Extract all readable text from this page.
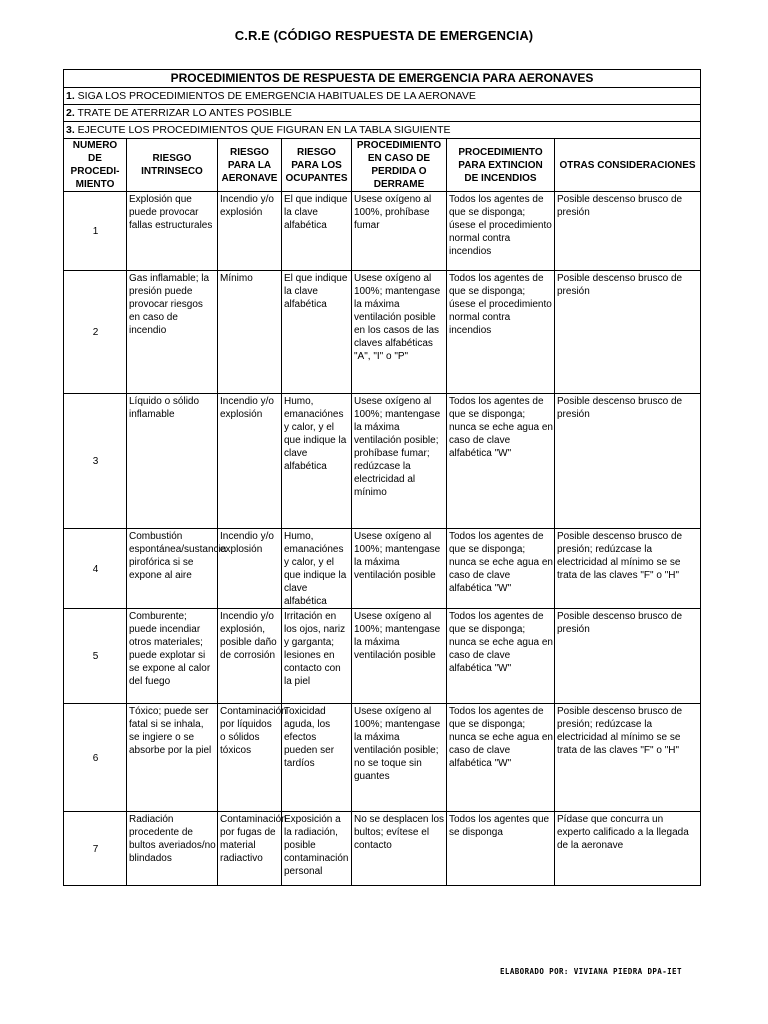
C.R.E (CÓDIGO RESPUESTA DE EMERGENCIA)
PROCEDIMIENTOS DE RESPUESTA DE EMERGENCIA PARA AERONAVES						
1. SIGA LOS PROCEDIMIENTOS DE EMERGENCIA HABITUALES DE LA AERONAVE						
2. TRATE DE ATERRIZAR LO ANTES POSIBLE						
3. EJECUTE LOS PROCEDIMIENTOS QUE FIGURAN EN LA TABLA SIGUIENTE						
NUMERO
DE
PROCEDI-
MIENTO	RIESGO
INTRINSECO	RIESGO
PARA LA
AERONAVE	RIESGO
PARA LOS
OCUPANTES	PROCEDIMIENTO
EN CASO DE
PERDIDA O
DERRAME	PROCEDIMIENTO
PARA EXTINCION
DE INCENDIOS	OTRAS CONSIDERACIONES
1	Explosión que puede provocar fallas estructurales	Incendio y/o explosión	El que indique la clave alfabética	Usese oxígeno al 100%, prohíbase fumar	Todos los agentes de que se disponga; úsese el procedimiento normal contra incendios	Posible descenso brusco de presión
2	Gas inflamable; la presión puede provocar riesgos en caso de incendio	Mínimo	El que indique la clave alfabética	Usese oxígeno al 100%; mantengase la máxima ventilación posible en los casos de las claves alfabéticas "A", "I" o "P"	Todos los agentes de que se disponga; úsese el procedimiento normal contra incendios	Posible descenso brusco de presión
3	Líquido o sólido inflamable	Incendio y/o explosión	Humo, emanaciónes y calor, y el que indique la clave alfabética	Usese oxígeno al 100%; mantengase la máxima ventilación posible; prohíbase fumar; redúzcase la electricidad al mínimo	Todos los agentes de que se disponga; nunca se eche agua en caso de clave alfabética "W"	Posible descenso brusco de presión
4	Combustión espontánea/sustancia pirofórica si se expone al aire	Incendio y/o explosión	Humo, emanaciónes y calor, y el que indique la clave alfabética	Usese oxígeno al 100%; mantengase la máxima ventilación posible	Todos los agentes de que se disponga; nunca se eche agua en caso de clave alfabética "W"	Posible descenso brusco de presión; redúzcase la electricidad al mínimo se se trata de las claves "F" o "H"
5	Comburente; puede incendiar otros materiales; puede explotar si se expone al calor del fuego	Incendio y/o explosión, posible daño de corrosión	Irritación en los ojos, nariz y garganta; lesiones en contacto con la piel	Usese oxígeno al 100%; mantengase la máxima ventilación posible	Todos los agentes de que se disponga; nunca se eche agua en caso de clave alfabética "W"	Posible descenso brusco de presión
6	Tóxico; puede ser fatal si se inhala, se ingiere o se absorbe por la piel	Contaminación por líquidos o sólidos tóxicos	Toxicidad aguda, los efectos pueden ser tardíos	Usese oxígeno al 100%; mantengase la máxima ventilación posible; no se toque sin guantes	Todos los agentes de que se disponga; nunca se eche agua en caso de clave alfabética "W"	Posible descenso brusco de presión; redúzcase la electricidad al mínimo se se trata de las claves "F" o "H"
7	Radiación procedente de bultos averiados/no blindados	Contaminación por fugas de material radiactivo	Exposición a la radiación, posible contaminación personal	No se desplacen los bultos; evítese el contacto	Todos los agentes que se disponga	Pídase que concurra un experto calificado a la llegada de la aeronave
ELABORADO POR: VIVIANA PIEDRA DPA-IET
